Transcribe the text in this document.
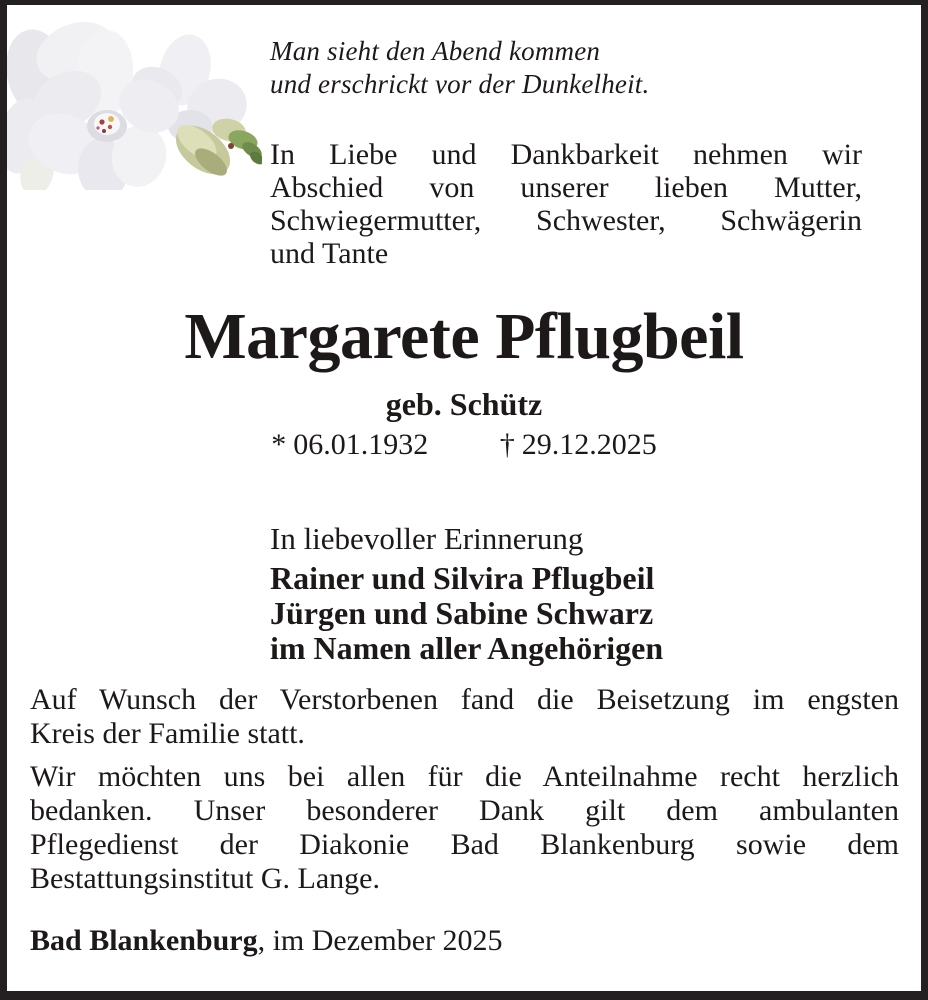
Man sieht den Abend kommen
und erschrickt vor der Dunkelheit.
In Liebe und Dankbarkeit nehmen wir
Abschied von unserer lieben Mutter,
Schwiegermutter, Schwester, Schwägerin
und Tante
Margarete Pflugbeil
geb. Schütz
* 06.01.1932 † 29.12.2025
In liebevoller Erinnerung
Rainer und Silvira Pflugbeil
Jürgen und Sabine Schwarz
im Namen aller Angehörigen
Auf Wunsch der Verstorbenen fand die Beisetzung im engsten
Kreis der Familie statt.
Wir möchten uns bei allen für die Anteilnahme recht herzlich
bedanken. Unser besonderer Dank gilt dem ambulanten
Pflegedienst der Diakonie Bad Blankenburg sowie dem
Bestattungsinstitut G. Lange.
Bad Blankenburg, im Dezember 2025
